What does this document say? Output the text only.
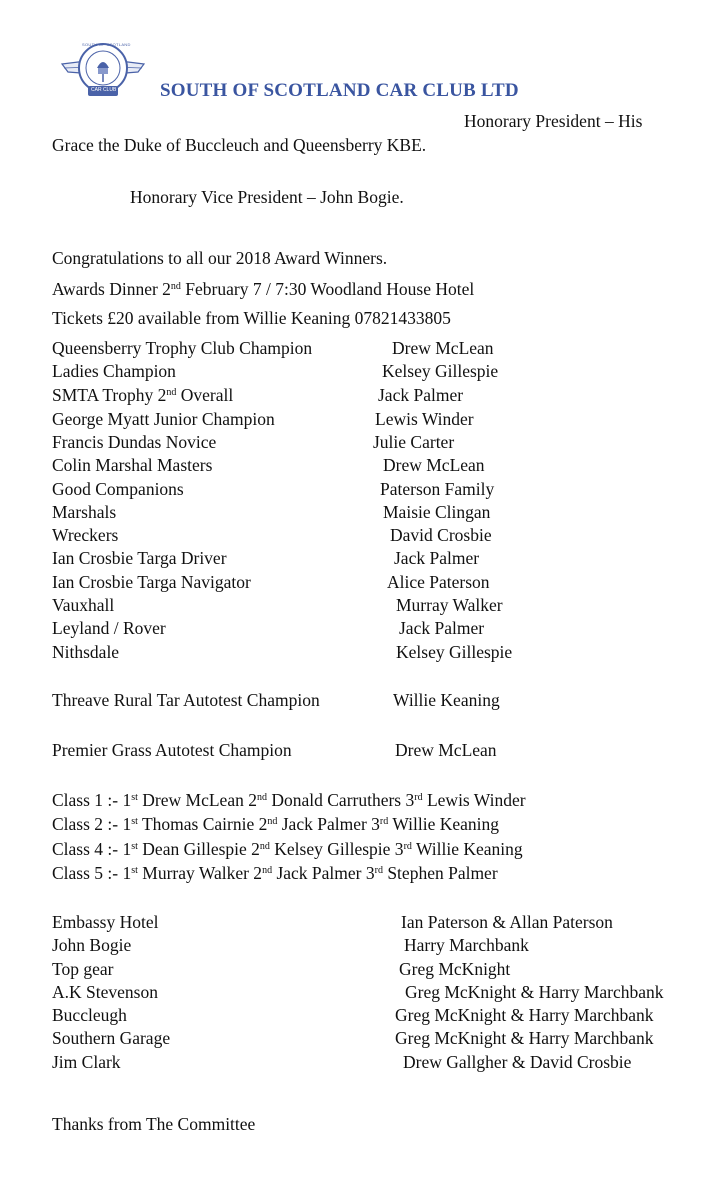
SOUTH OF SCOTLAND
CAR CLUB SOUTH OF SCOTLAND CAR CLUB LTD
Honorary President – His
Grace the Duke of Buccleuch and Queensberry KBE.
Honorary Vice President – John Bogie.
Congratulations to all our 2018 Award Winners.
Awards Dinner 2nd February 7 / 7:30 Woodland House Hotel
Tickets £20 available from Willie Keaning 07821433805
Queensberry Trophy Club Champion	Drew McLean
Ladies Champion	Kelsey Gillespie
SMTA Trophy 2nd Overall	Jack Palmer
George Myatt Junior Champion	Lewis Winder
Francis Dundas Novice	Julie Carter
Colin Marshal Masters	Drew McLean
Good Companions	Paterson Family
Marshals	Maisie Clingan
Wreckers	David Crosbie
Ian Crosbie Targa Driver	Jack Palmer
Ian Crosbie Targa Navigator	Alice Paterson
Vauxhall	Murray Walker
Leyland / Rover	Jack Palmer
Nithsdale	Kelsey Gillespie
Threave Rural Tar Autotest Champion	Willie Keaning
Premier Grass Autotest Champion	Drew McLean
Class 1 :- 1st Drew McLean 2nd Donald Carruthers 3rd Lewis Winder
Class 2 :- 1st Thomas Cairnie 2nd Jack Palmer 3rd Willie Keaning
Class 4 :- 1st Dean Gillespie 2nd Kelsey Gillespie 3rd Willie Keaning
Class 5 :- 1st Murray Walker 2nd Jack Palmer 3rd Stephen Palmer
Embassy Hotel	Ian Paterson & Allan Paterson
John Bogie	Harry Marchbank
Top gear	Greg McKnight
A.K Stevenson	Greg McKnight & Harry Marchbank
Buccleugh	Greg McKnight & Harry Marchbank
Southern Garage	Greg McKnight & Harry Marchbank
Jim Clark	Drew Gallgher & David Crosbie
Thanks from The Committee
